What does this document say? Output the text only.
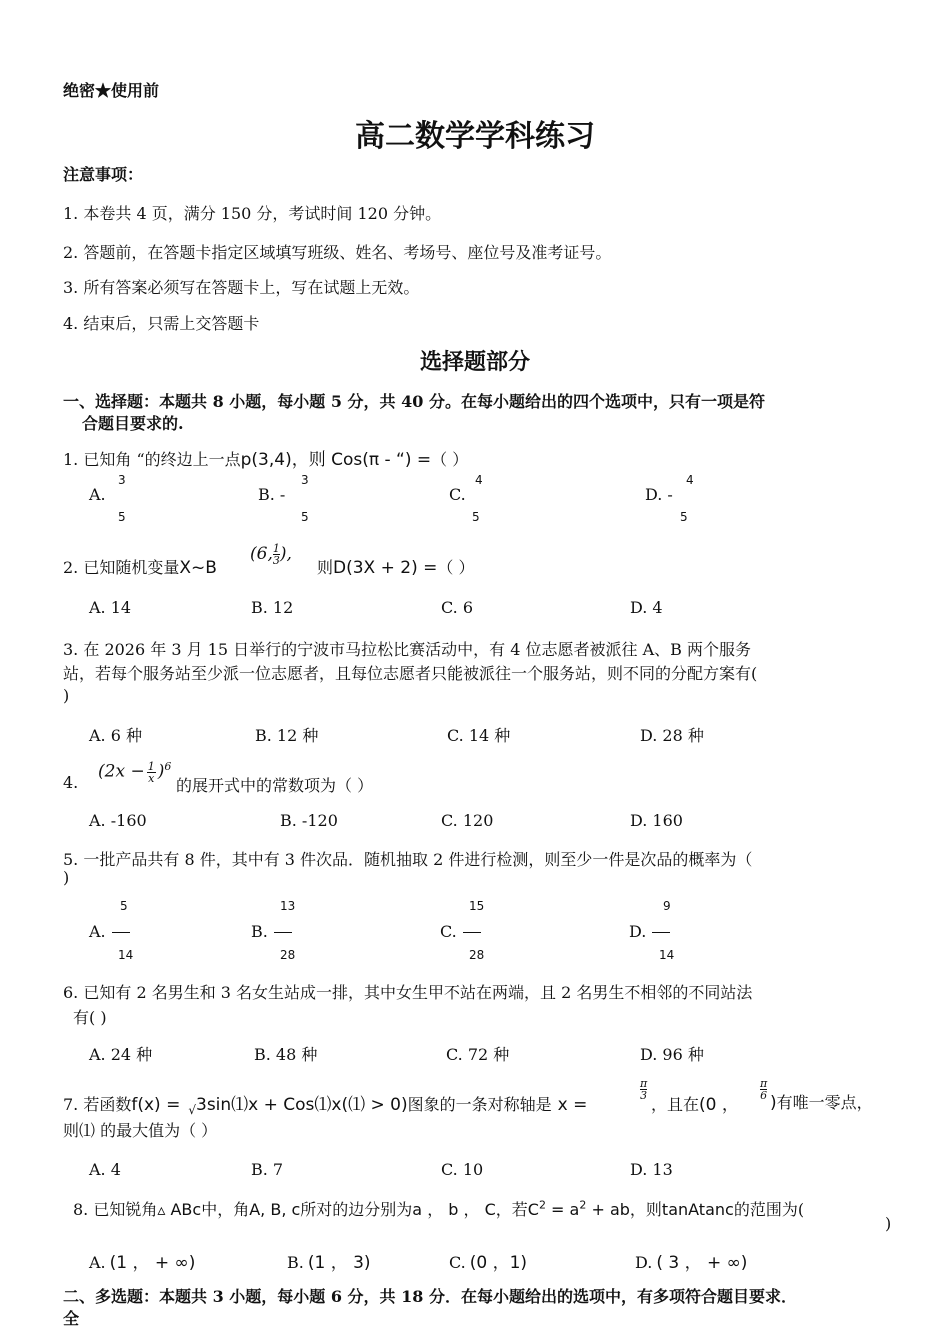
绝密★使用前
高二数学学科练习
注意事项：
1. 本卷共 4 页，满分 150 分，考试时间 120 分钟。
2. 答题前，在答题卡指定区域填写班级、姓名、考场号、座位号及准考证号。
3. 所有答案必须写在答题卡上，写在试题上无效。
4. 结束后，只需上交答题卡
选择题部分
一、选择题：本题共 8 小题，每小题 5 分，共 40 分。在每小题给出的四个选项中，只有一项是符
合题目要求的.
1. 已知角 “的终边上一点p(3,4)，则 Cos(π - “) =（ ）
A.
3
5
B. -
3
5
C.
4
5
D. -
4
5
2. 已知随机变量X~B
(6, $\frac{1}{3}$ ),
则D(3X + 2) =（ ）
A. 14	B. 12	C. 6	D. 4
3. 在 2026 年 3 月 15 日举行的宁波市马拉松比赛活动中，有 4 位志愿者被派往 A、B 两个服务
站，若每个服务站至少派一位志愿者，且每位志愿者只能被派往一个服务站，则不同的分配方案有(
)
A. 6 种	B. 12 种	C. 14 种	D. 28 种
4.
$(2x - \frac{1}{x} )^6$
的展开式中的常数项为（ ）
A. -160	B. -120	C. 120	D. 160
5. 一批产品共有 8 件，其中有 3 件次品．随机抽取 2 件进行检测，则至少一件是次品的概率为（
)
A.
5
14
B.
13
28
C.
15
28
D.
9
14
6. 已知有 2 名男生和 3 名女生站成一排，其中女生甲不站在两端，且 2 名男生不相邻的不同站法
有( )
A. 24 种	B. 48 种	C. 72 种	D. 96 种
7. 若函数f(x) = $_√$3sin⑴x + Cos⑴x(⑴ > 0)图象的一条对称轴是 x =
π
3 ，且在(0 ，
π
6 )有唯一零点，
则⑴ 的最大值为（ ）
A. 4	B. 7	C. 10	D. 13
8. 已知锐角▵ ABc中，角A, B, c所对的边分别为a ， b ， C，若$C^2 = a^2$ + ab，则tanAtanc的范围为(
)
A. (1 ， + ∞)	B. (1 ， 3)	C. (0 ，1)	D. ( 3 ， + ∞)
二、多选题：本题共 3 小题，每小题 6 分，共 18 分．在每小题给出的选项中，有多项符合题目要求．
全
